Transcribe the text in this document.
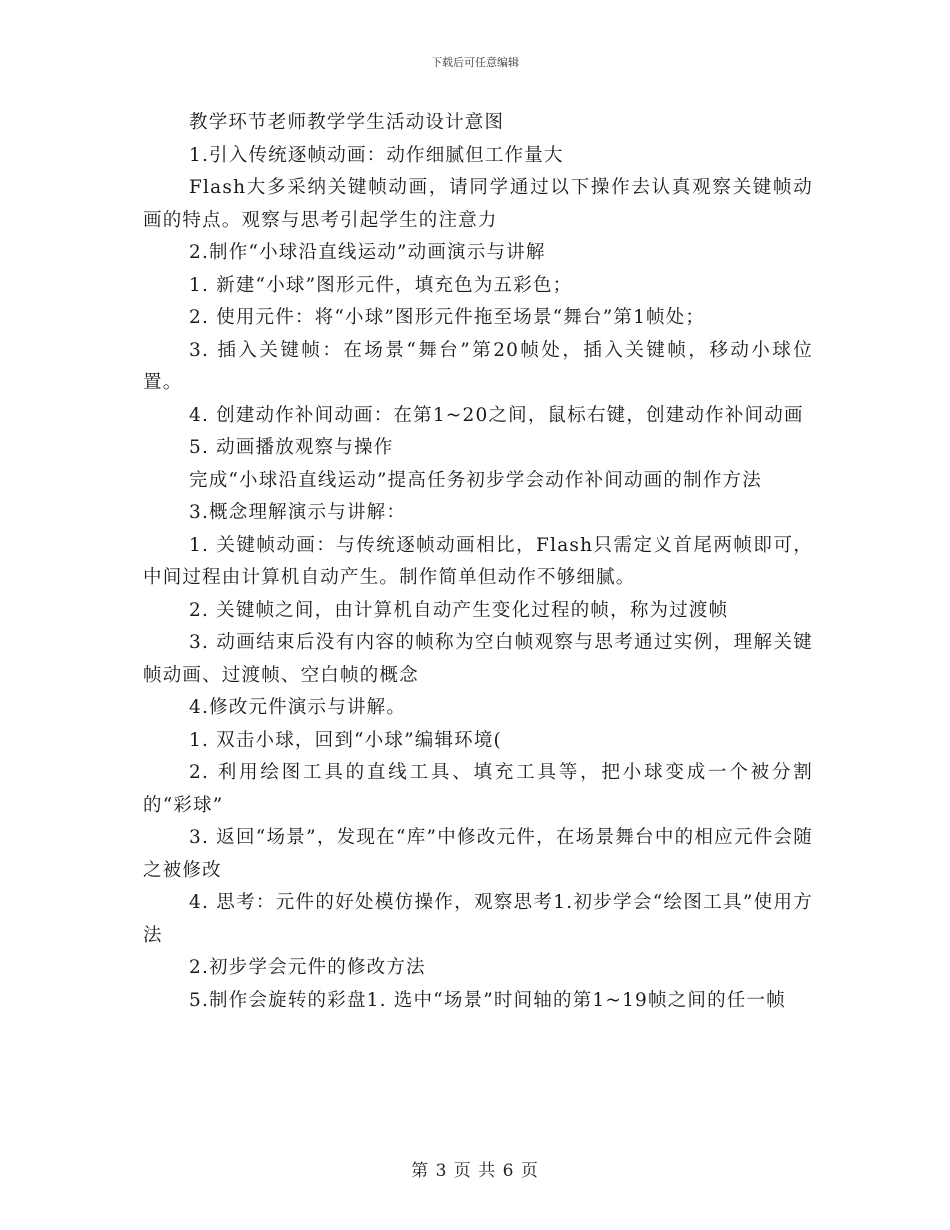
下载后可任意编辑

教学环节老师教学学生活动设计意图

1.引入传统逐帧动画：动作细腻但工作量大

Flash大多采纳关键帧动画，请同学通过以下操作去认真观察关键帧动画的特点。观察与思考引起学生的注意力

2.制作“小球沿直线运动”动画演示与讲解

1. 新建“小球”图形元件，填充色为五彩色；

2. 使用元件：将“小球”图形元件拖至场景“舞台”第1帧处；

3. 插入关键帧：在场景“舞台”第20帧处，插入关键帧，移动小球位置。

4. 创建动作补间动画：在第1~20之间，鼠标右键，创建动作补间动画

5. 动画播放观察与操作

完成“小球沿直线运动”提高任务初步学会动作补间动画的制作方法

3.概念理解演示与讲解：

1. 关键帧动画：与传统逐帧动画相比，Flash只需定义首尾两帧即可，中间过程由计算机自动产生。制作简单但动作不够细腻。

2. 关键帧之间，由计算机自动产生变化过程的帧，称为过渡帧

3. 动画结束后没有内容的帧称为空白帧观察与思考通过实例，理解关键帧动画、过渡帧、空白帧的概念

4.修改元件演示与讲解。

1. 双击小球，回到“小球”编辑环境(

2. 利用绘图工具的直线工具、填充工具等，把小球变成一个被分割的“彩球”

3. 返回“场景”，发现在“库”中修改元件，在场景舞台中的相应元件会随之被修改

4. 思考：元件的好处模仿操作，观察思考1.初步学会“绘图工具”使用方法

2.初步学会元件的修改方法

5.制作会旋转的彩盘1. 选中“场景”时间轴的第1~19帧之间的任一帧

第 3 页 共 6 页
